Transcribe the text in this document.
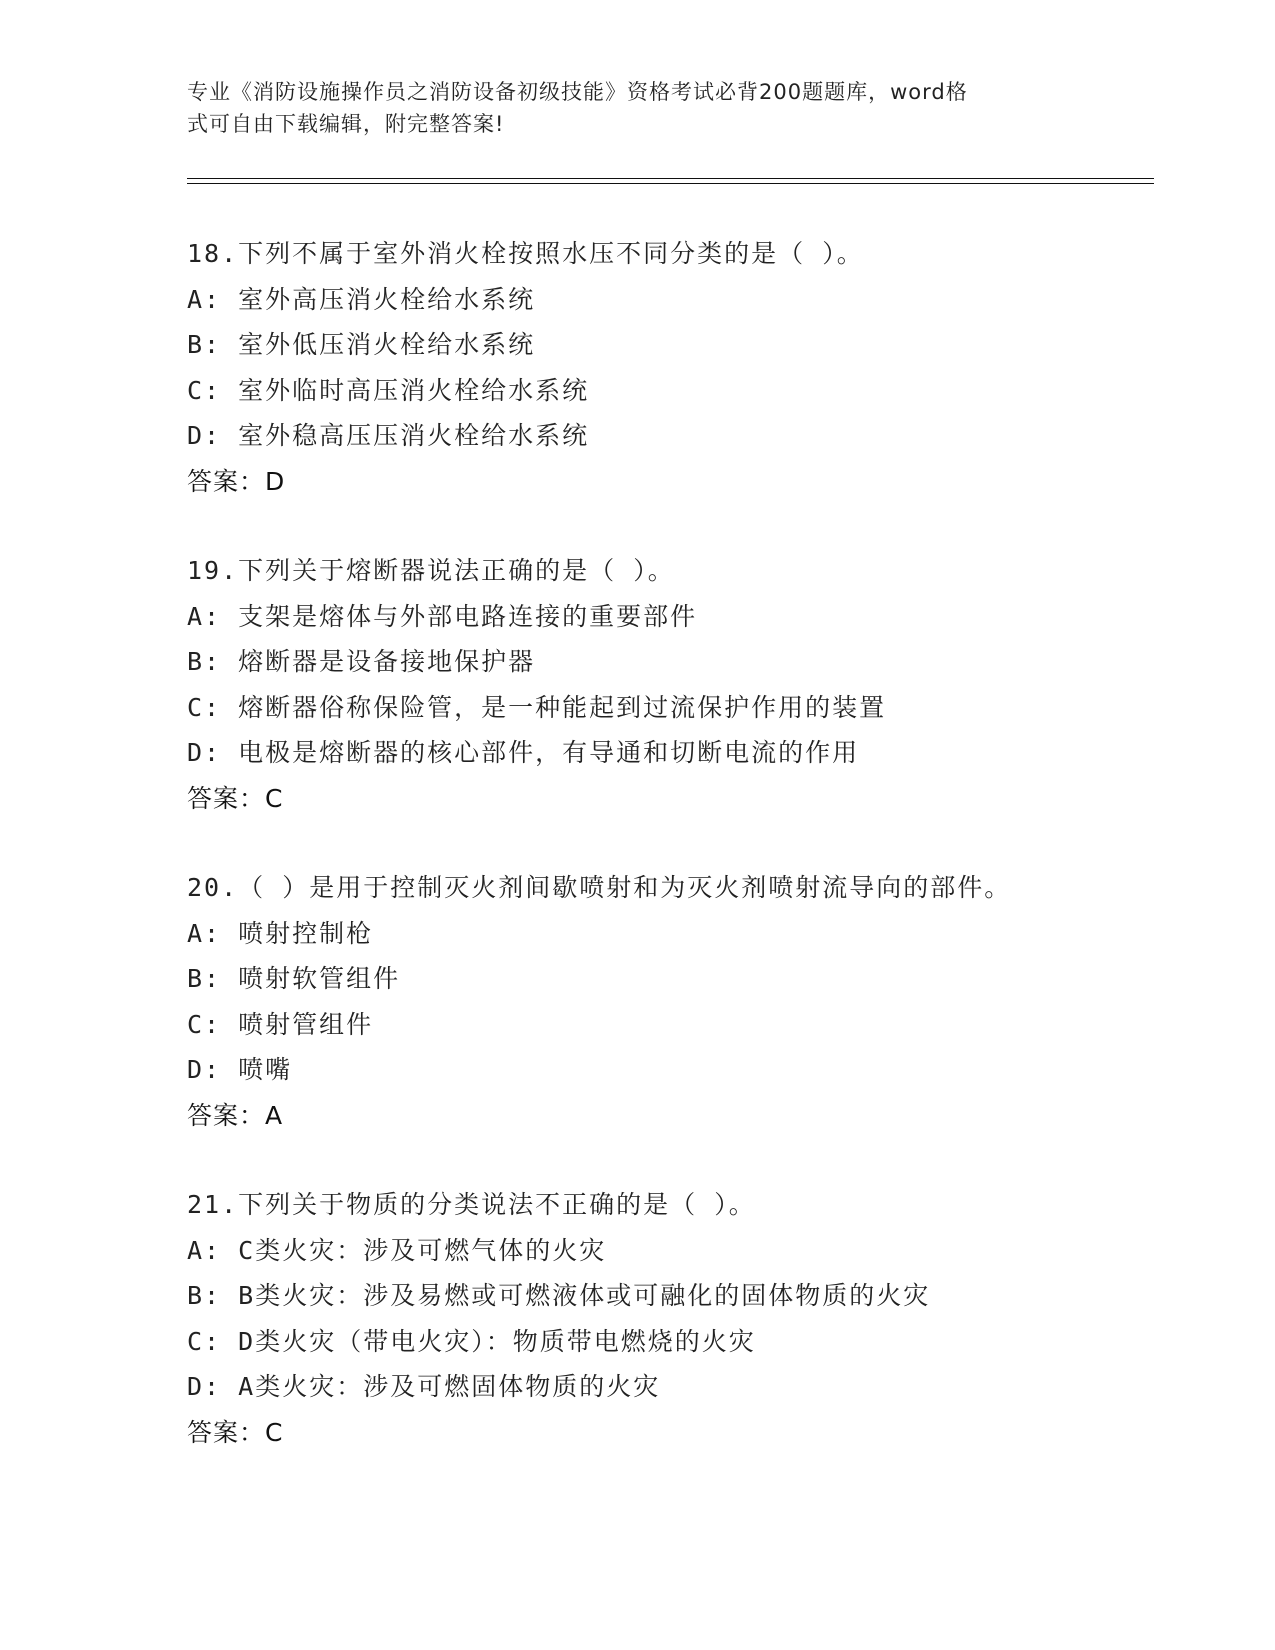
专业《消防设施操作员之消防设备初级技能》资格考试必背200题题库，word格
式可自由下载编辑，附完整答案!
18.下列不属于室外消火栓按照水压不同分类的是（ ）。
A: 室外高压消火栓给水系统
B: 室外低压消火栓给水系统
C: 室外临时高压消火栓给水系统
D: 室外稳高压压消火栓给水系统
答案：D
19.下列关于熔断器说法正确的是（ ）。
A: 支架是熔体与外部电路连接的重要部件
B: 熔断器是设备接地保护器
C: 熔断器俗称保险管，是一种能起到过流保护作用的装置
D: 电极是熔断器的核心部件，有导通和切断电流的作用
答案：C
20.（ ）是用于控制灭火剂间歇喷射和为灭火剂喷射流导向的部件。
A: 喷射控制枪
B: 喷射软管组件
C: 喷射管组件
D: 喷嘴
答案：A
21.下列关于物质的分类说法不正确的是（ ）。
A: C类火灾：涉及可燃气体的火灾
B: B类火灾：涉及易燃或可燃液体或可融化的固体物质的火灾
C: D类火灾（带电火灾）：物质带电燃烧的火灾
D: A类火灾：涉及可燃固体物质的火灾
答案：C
